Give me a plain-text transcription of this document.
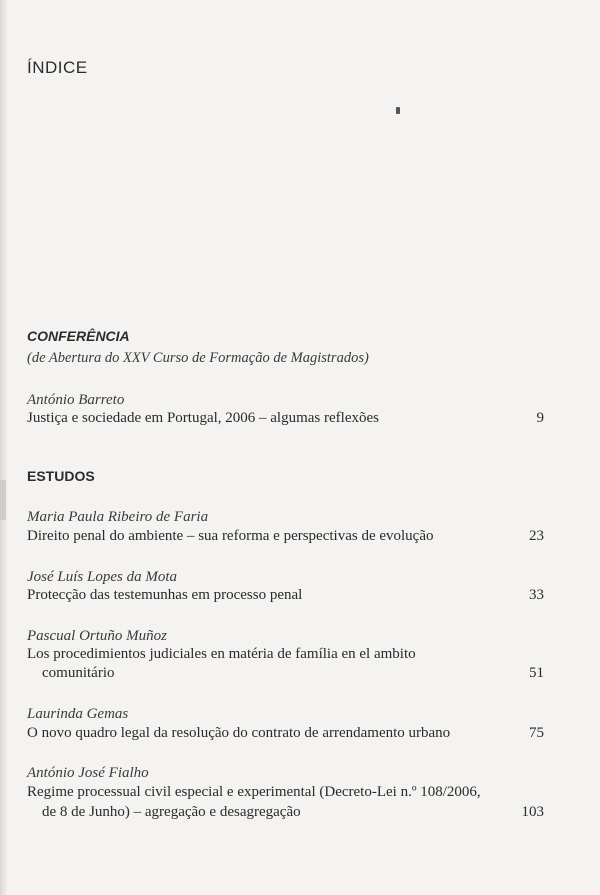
ÍNDICE
CONFERÊNCIA
(de Abertura do XXV Curso de Formação de Magistrados)
António Barreto
Justiça e sociedade em Portugal, 2006 – algumas reflexões	9
ESTUDOS
Maria Paula Ribeiro de Faria
Direito penal do ambiente – sua reforma e perspectivas de evolução	23
José Luís Lopes da Mota
Protecção das testemunhas em processo penal	33
Pascual Ortuño Muñoz
Los procedimientos judiciales en matéria de família en el ambito
comunitário	51
Laurinda Gemas
O novo quadro legal da resolução do contrato de arrendamento urbano	75
António José Fialho
Regime processual civil especial e experimental (Decreto-Lei n.º 108/2006,
de 8 de Junho) – agregação e desagregação	103
